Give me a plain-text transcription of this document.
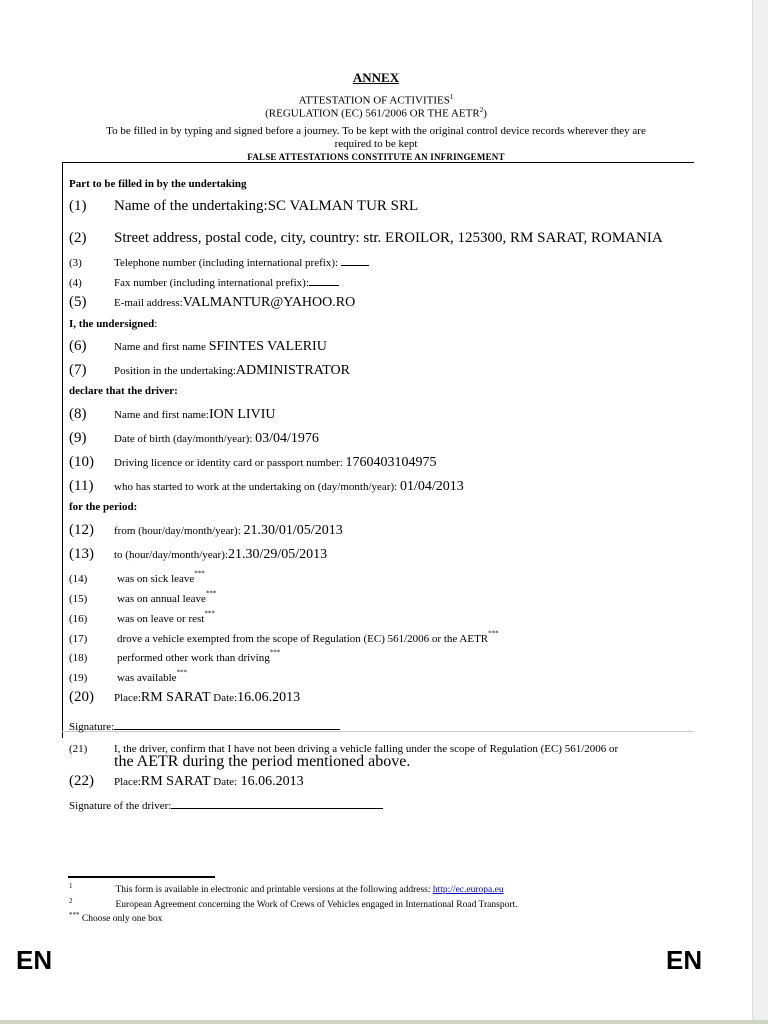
ANNEX
ATTESTATION OF ACTIVITIES$^1$
(REGULATION (EC) 561/2006 OR THE AETR$^2$)
To be filled in by typing and signed before a journey. To be kept with the original control device records wherever they are
required to be kept
FALSE ATTESTATIONS CONSTITUTE AN INFRINGEMENT
Part to be filled in by the undertaking
(1) Name of the undertaking:SC VALMAN TUR SRL
(2) Street address, postal code, city, country: str. EROILOR, 125300, RM SARAT, ROMANIA
(3)	Telephone number (including international prefix):
(4)	Fax number (including international prefix):
(5)	E-mail address:VALMANTUR@YAHOO.RO
I, the undersigned:
(6)	Name and first name SFINTES VALERIU
(7)	Position in the undertaking:ADMINISTRATOR
declare that the driver:
(8)	Name and first name:ION LIVIU
(9)	Date of birth (day/month/year): 03/04/1976
(10) Driving licence or identity card or passport number: 1760403104975
(11) who has started to work at the undertaking on (day/month/year): 01/04/2013
for the period:
(12) from (hour/day/month/year): 21.30/01/05/2013
(13) to (hour/day/month/year):21.30/29/05/2013
(14)	was on sick leave***
(15)	was on annual leave***
(16)	was on leave or rest***
(17)	drove a vehicle exempted from the scope of Regulation (EC) 561/2006 or the AETR***
(18)	performed other work than driving***
(19)	was available***
(20) Place:RM SARAT Date:16.06.2013
Signature:
(21) I, the driver, confirm that I have not been driving a vehicle falling under the scope of Regulation (EC) 561/2006 or
the AETR during the period mentioned above.
(22) Place:RM SARAT Date: 16.06.2013
Signature of the driver:
$^1$	This form is available in electronic and printable versions at the following address: http://ec.europa.eu
$^2$	European Agreement concerning the Work of Crews of Vehicles engaged in International Road Transport.
*** Choose only one box
EN	EN
